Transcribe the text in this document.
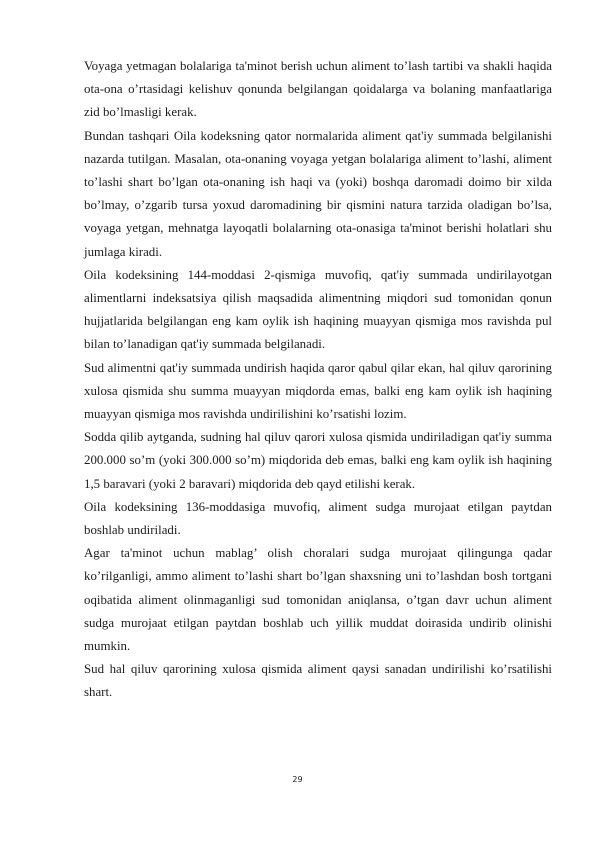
Voyaga yetmagan bolalariga ta'minot berish uchun aliment to’lash tartibi va shakli haqida ota-ona o’rtasidagi kelishuv qonunda belgilangan qoidalarga va bolaning manfaatlariga zid bo’lmasligi kerak.

Bundan tashqari Oila kodeksning qator normalarida aliment qat'iy summada belgilanishi nazarda tutilgan. Masalan, ota-onaning voyaga yetgan bolalariga aliment to’lashi, aliment to’lashi shart bo’lgan ota-onaning ish haqi va (yoki) boshqa daromadi doimo bir xilda bo’lmay, o’zgarib tursa yoxud daromadining bir qismini natura tarzida oladigan bo’lsa, voyaga yetgan, mehnatga layoqatli bolalarning ota-onasiga ta'minot berishi holatlari shu jumlaga kiradi.

Oila kodeksining 144-moddasi 2-qismiga muvofiq, qat'iy summada undirilayotgan alimentlarni indeksatsiya qilish maqsadida alimentning miqdori sud tomonidan qonun hujjatlarida belgilangan eng kam oylik ish haqining muayyan qismiga mos ravishda pul bilan to’lanadigan qat'iy summada belgilanadi.

Sud alimentni qat'iy summada undirish haqida qaror qabul qilar ekan, hal qiluv qarorining xulosa qismida shu summa muayyan miqdorda emas, balki eng kam oylik ish haqining muayyan qismiga mos ravishda undirilishini ko’rsatishi lozim.

Sodda qilib aytganda, sudning hal qiluv qarori xulosa qismida undiriladigan qat'iy summa 200.000 so’m (yoki 300.000 so’m) miqdorida deb emas, balki eng kam oylik ish haqining 1,5 baravari (yoki 2 baravari) miqdorida deb qayd etilishi kerak.

Oila kodeksining 136-moddasiga muvofiq, aliment sudga murojaat etilgan paytdan boshlab undiriladi.

Agar ta'minot uchun mablag’ olish choralari sudga murojaat qilingunga qadar ko’rilganligi, ammo aliment to’lashi shart bo’lgan shaxsning uni to’lashdan bosh tortgani oqibatida aliment olinmaganligi sud tomonidan aniqlansa, o’tgan davr uchun aliment sudga murojaat etilgan paytdan boshlab uch yillik muddat doirasida undirib olinishi mumkin.

Sud hal qiluv qarorining xulosa qismida aliment qaysi sanadan undirilishi ko’rsatilishi shart.

29
